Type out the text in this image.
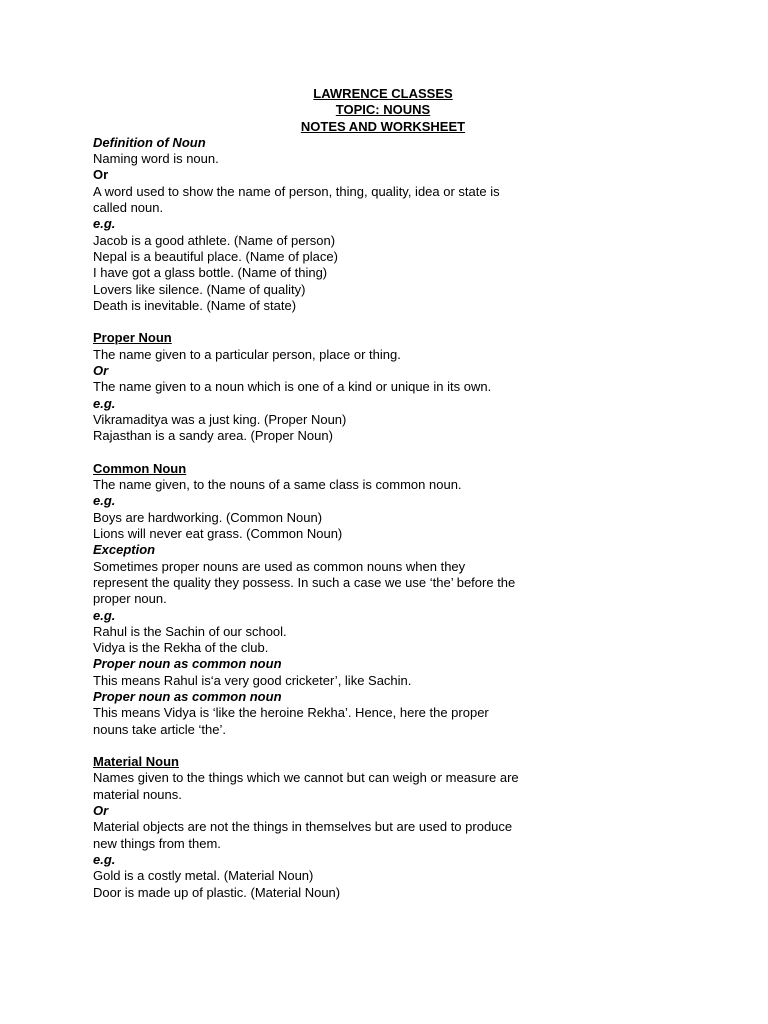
LAWRENCE CLASSES
TOPIC: NOUNS
NOTES AND WORKSHEET
Definition of Noun
Naming word is noun.
Or
A word used to show the name of person, thing, quality, idea or state is called noun.
e.g.
Jacob is a good athlete. (Name of person)
Nepal is a beautiful place. (Name of place)
I have got a glass bottle. (Name of thing)
Lovers like silence. (Name of quality)
Death is inevitable. (Name of state)
Proper Noun
The name given to a particular person, place or thing.
Or
The name given to a noun which is one of a kind or unique in its own.
e.g.
Vikramaditya was a just king. (Proper Noun)
Rajasthan is a sandy area. (Proper Noun)
Common Noun
The name given, to the nouns of a same class is common noun.
e.g.
Boys are hardworking. (Common Noun)
Lions will never eat grass. (Common Noun)
Exception
Sometimes proper nouns are used as common nouns when they represent the quality they possess. In such a case we use ‘the’ before the proper noun.
e.g.
Rahul is the Sachin of our school.
Vidya is the Rekha of the club.
Proper noun as common noun
This means Rahul is‘a very good cricketer’, like Sachin.
Proper noun as common noun
This means Vidya is ‘like the heroine Rekha’. Hence, here the proper nouns take article ‘the’.
Material Noun
Names given to the things which we cannot but can weigh or measure are material nouns.
Or
Material objects are not the things in themselves but are used to produce new things from them.
e.g.
Gold is a costly metal. (Material Noun)
Door is made up of plastic. (Material Noun)
